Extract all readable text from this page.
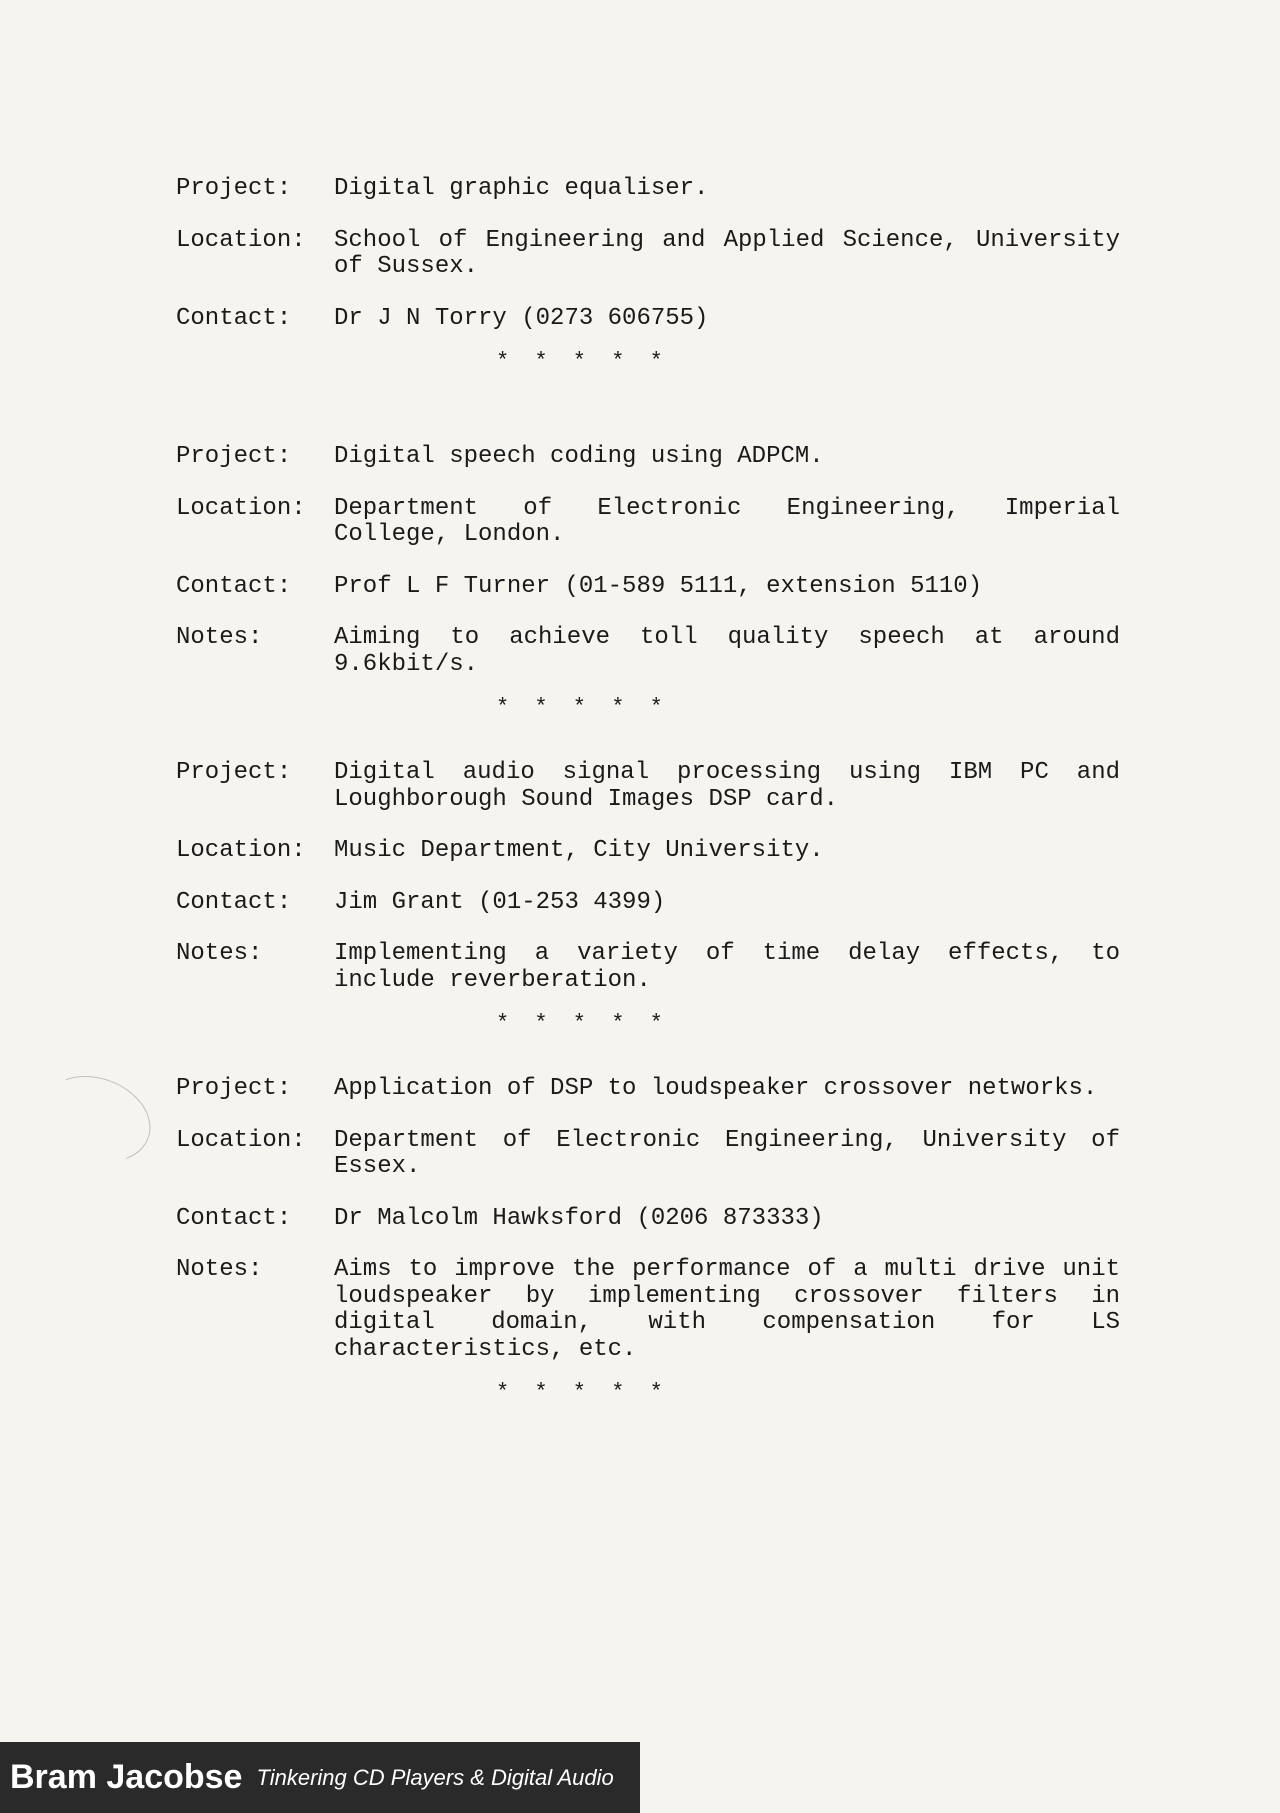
Project:	Digital graphic equaliser.
Location:	School of Engineering and Applied Science, University of Sussex.
Contact:	Dr J N Torry (0273 606755)
* * * * *
Project:	Digital speech coding using ADPCM.
Location:	Department of Electronic Engineering, Imperial College, London.
Contact:	Prof L F Turner (01-589 5111, extension 5110)
Notes:	Aiming to achieve toll quality speech at around 9.6kbit/s.
* * * * *
Project:	Digital audio signal processing using IBM PC and Loughborough Sound Images DSP card.
Location:	Music Department, City University.
Contact:	Jim Grant (01-253 4399)
Notes:	Implementing a variety of time delay effects, to include reverberation.
* * * * *
Project:	Application of DSP to loudspeaker crossover networks.
Location:	Department of Electronic Engineering, University of Essex.
Contact:	Dr Malcolm Hawksford (0206 873333)
Notes:	Aims to improve the performance of a multi drive unit loudspeaker by implementing crossover filters in digital domain, with compensation for LS characteristics, etc.
* * * * *
Bram Jacobse Tinkering CD Players & Digital Audio
